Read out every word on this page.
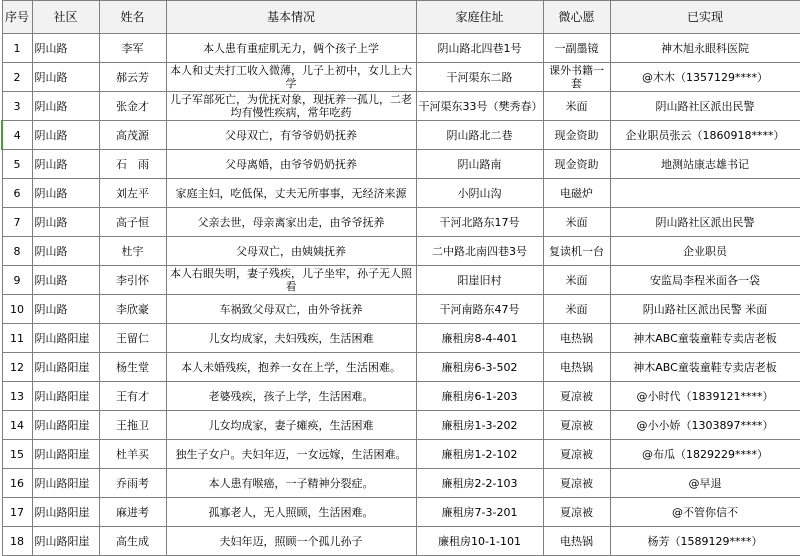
序号	社区	姓名	基本情况	家庭住址	微心愿	已实现
1	阴山路	李军	本人患有重症肌无力，俩个孩子上学	阴山路北四巷1号	一副墨镜	神木旭永眼科医院
2	阴山路	郝云芳	本人和丈夫打工收入微薄，儿子上初中，女儿上大学	干河渠东二路	课外书籍一套	@木木（1357129****）
3	阴山路	张金才	儿子军部死亡，为优抚对象，现抚养一孤儿，二老均有慢性疾病，常年吃药	干河渠东33号（樊秀春）	米面	阴山路社区派出民警
4	阴山路	高茂源	父母双亡，有爷爷奶奶抚养	阴山路北二巷	现金资助	企业职员张云（1860918****）
5	阴山路	石　雨	父母离婚，由爷爷奶奶抚养	阴山路南	现金资助	地测站康志雄书记
6	阴山路	刘左平	家庭主妇，吃低保，丈夫无所事事，无经济来源	小阴山沟	电磁炉	
7	阴山路	高子恒	父亲去世，母亲离家出走，由爷爷抚养	干河北路东17号	米面	阴山路社区派出民警
8	阴山路	杜宇	父母双亡，由姨姨抚养	二中路北南四巷3号	复读机一台	企业职员
9	阴山路	李引怀	本人右眼失明，妻子残疾，儿子坐牢，孙子无人照看	阳崖旧村	米面	安监局李程米面各一袋
10	阴山路	李欣豪	车祸致父母双亡，由外爷抚养	干河南路东47号	米面	阴山路社区派出民警 米面
11	阴山路阳崖	王留仁	儿女均成家，夫妇残疾，生活困难	廉租房8-4-401	电热锅	神木ABC童装童鞋专卖店老板
12	阴山路阳崖	杨生堂	本人未婚残疾，抱养一女在上学，生活困难。	廉租房6-3-502	电热锅	神木ABC童装童鞋专卖店老板
13	阴山路阳崖	王有才	老婆残疾，孩子上学，生活困难。	廉租房6-1-203	夏凉被	@小时代（1839121****）
14	阴山路阳崖	王拖卫	儿女均成家，妻子瘫痪，生活困难	廉租房1-3-202	夏凉被	@小小娇（1303897****）
15	阴山路阳崖	杜羊买	独生子女户。夫妇年迈，一女远嫁，生活困难。	廉租房1-2-102	夏凉被	@布瓜（1829229****）
16	阴山路阳崖	乔雨考	本人患有喉癌，一子精神分裂症。	廉租房2-2-103	夏凉被	@早退
17	阴山路阳崖	麻进考	孤寡老人，无人照顾，生活困难。	廉租房7-3-201	夏凉被	@不管你信不
18	阴山路阳崖	高生成	夫妇年迈，照顾一个孤儿孙子	廉租房10-1-101	电热锅	杨芳（1589129****）
